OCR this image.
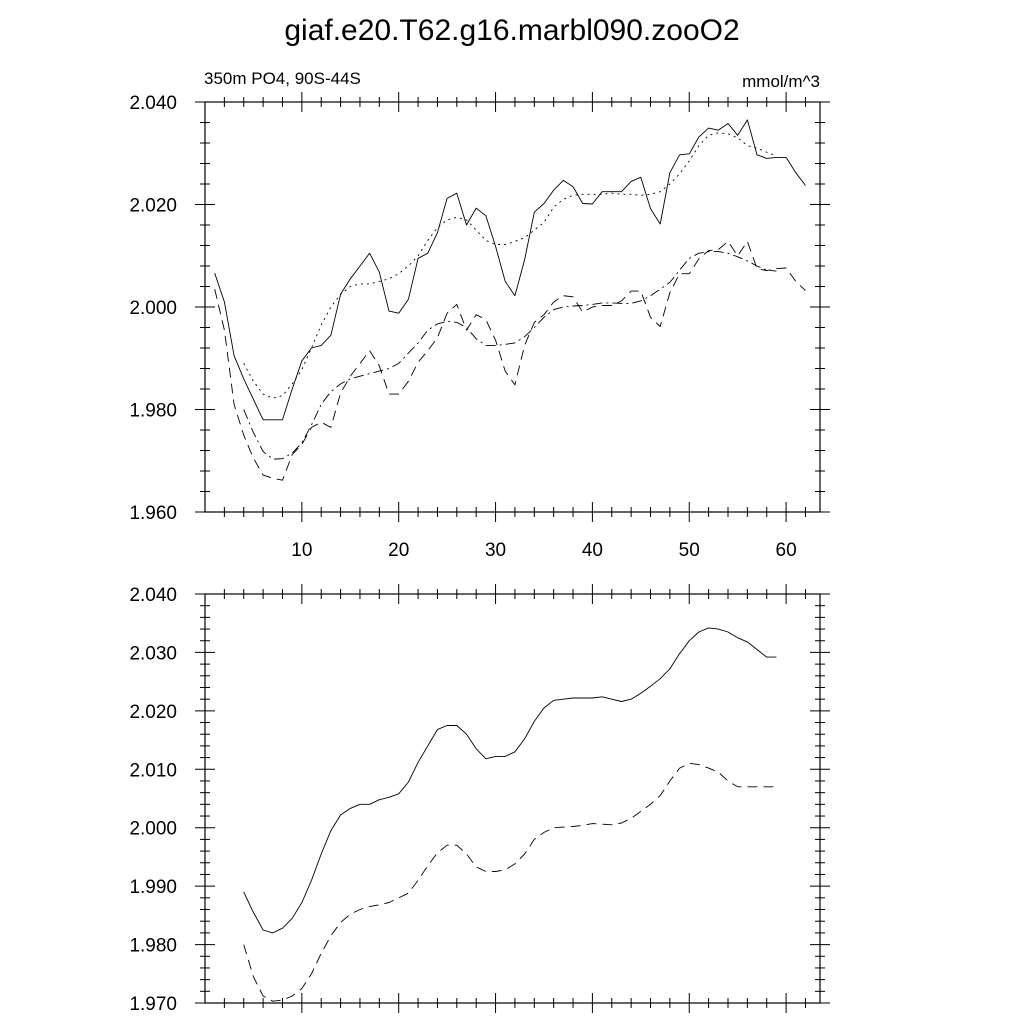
giaf.e20.T62.g16.marbl090.zooO2
350m PO4, 90S-44S	mmol/m^3
1.960
1.980
2.000
2.020
2.040
10	20	30	40	50	60
1.970
1.980
1.990
2.000
2.010
2.020
2.030
2.040
